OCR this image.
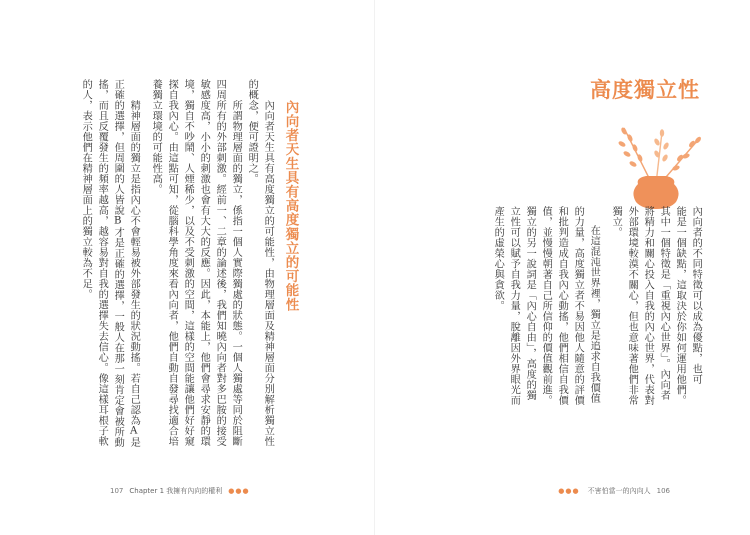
內向者天生具有高度獨立的可能性
內向者天生具有高度獨立的可能性，由物理層面及精神層面分別解析獨立性
的概念，便可證明之。
所謂物理層面的獨立，係指一個人實際獨處的狀態。一個人獨處等同於阻斷
四周所有的外部刺激。經前一、二章的論述後，我們知曉內向者對多巴胺的接受
敏感度高，小小的刺激也會有大大的反應。因此，本能上，他們會尋求安靜的環
境，獨自不吵鬧、人煙稀少，以及不受刺激的空間，這樣的空間能讓他們好好窺
探自我內心。由這點可知，從腦科學角度來看內向者，他們自動自發尋找適合培
養獨立環境的可能性高。
精神層面的獨立是指內心不會輕易被外部發生的狀況動搖。若自己認為A是
正確的選擇，但周圍的人皆說B才是正確的選擇，一般人在那一刻肯定會被所動
搖，而且反覆發生的頻率越高，越容易對自我的選擇失去信心。像這樣耳根子軟
的人，表示他們在精神層面上的獨立較為不足。
107 Chapter 1 我擁有內向的權利 ●●●
高度獨立性
內向者的不同特徵可以成為優點，也可
能是一個缺點，這取決於你如何運用他們。
其中一個特徵是「重視內心世界」。內向者
將精力和關心投入自我的內心世界，代表對
外部環境較漠不關心，但也意味著他們非常
獨立。
在這混沌世界裡，獨立是追求自我價值
的力量，高度獨立者不易因他人隨意的評價
和批判造成自我內心動搖，他們相信自我價
值，並慢慢朝著自己所信仰的價值觀前進。
獨立的另一說詞是「內心自由」，高度的獨
立性可以賦予自我力量，脫離因外界眼光而
產生的虛榮心與貪欲。
●●● 不害怕當一的內向人 106
